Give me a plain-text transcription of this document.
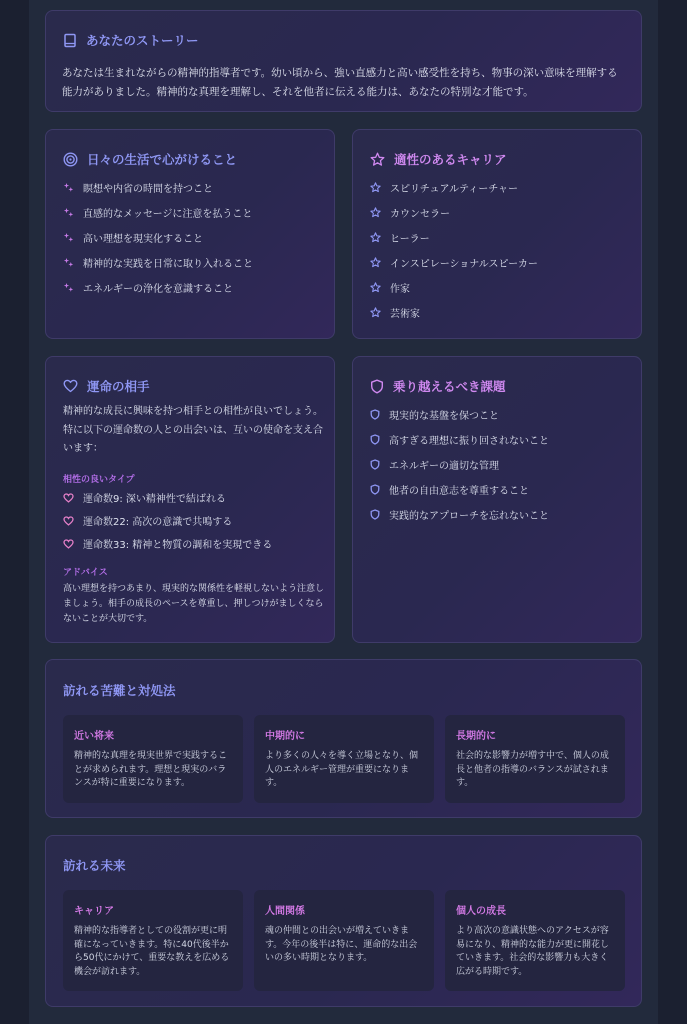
あなたのストーリー

あなたは生まれながらの精神的指導者です。幼い頃から、強い直感力と高い感受性を持ち、物事の深い意味を理解する能力がありました。精神的な真理を理解し、それを他者に伝える能力は、あなたの特別な才能です。

日々の生活で心がけること
瞑想や内省の時間を持つこと
直感的なメッセージに注意を払うこと
高い理想を現実化すること
精神的な実践を日常に取り入れること
エネルギーの浄化を意識すること
適性のあるキャリア
スピリチュアルティーチャー
カウンセラー
ヒーラー
インスピレーショナルスピーカー
作家
芸術家
運命の相手

精神的な成長に興味を持つ相手との相性が良いでしょう。特に以下の運命数の人との出会いは、互いの使命を支え合います：

相性の良いタイプ
運命数9: 深い精神性で結ばれる
運命数22: 高次の意識で共鳴する
運命数33: 精神と物質の調和を実現できる
アドバイス

高い理想を持つあまり、現実的な関係性を軽視しないよう注意しましょう。相手の成長のペースを尊重し、押しつけがましくならないことが大切です。

乗り越えるべき課題
現実的な基盤を保つこと
高すぎる理想に振り回されないこと
エネルギーの適切な管理
他者の自由意志を尊重すること
実践的なアプローチを忘れないこと
訪れる苦難と対処法
近い将来
精神的な真理を現実世界で実践することが求められます。理想と現実のバランスが特に重要になります。
中期的に
より多くの人々を導く立場となり、個人のエネルギー管理が重要になります。
長期的に
社会的な影響力が増す中で、個人の成長と他者の指導のバランスが試されます。
訪れる未来
キャリア
精神的な指導者としての役割が更に明確になっていきます。特に40代後半から50代にかけて、重要な教えを広める機会が訪れます。
人間関係
魂の仲間との出会いが増えていきます。今年の後半は特に、運命的な出会いの多い時期となります。
個人の成長
より高次の意識状態へのアクセスが容易になり、精神的な能力が更に開花していきます。社会的な影響力も大きく広がる時期です。
